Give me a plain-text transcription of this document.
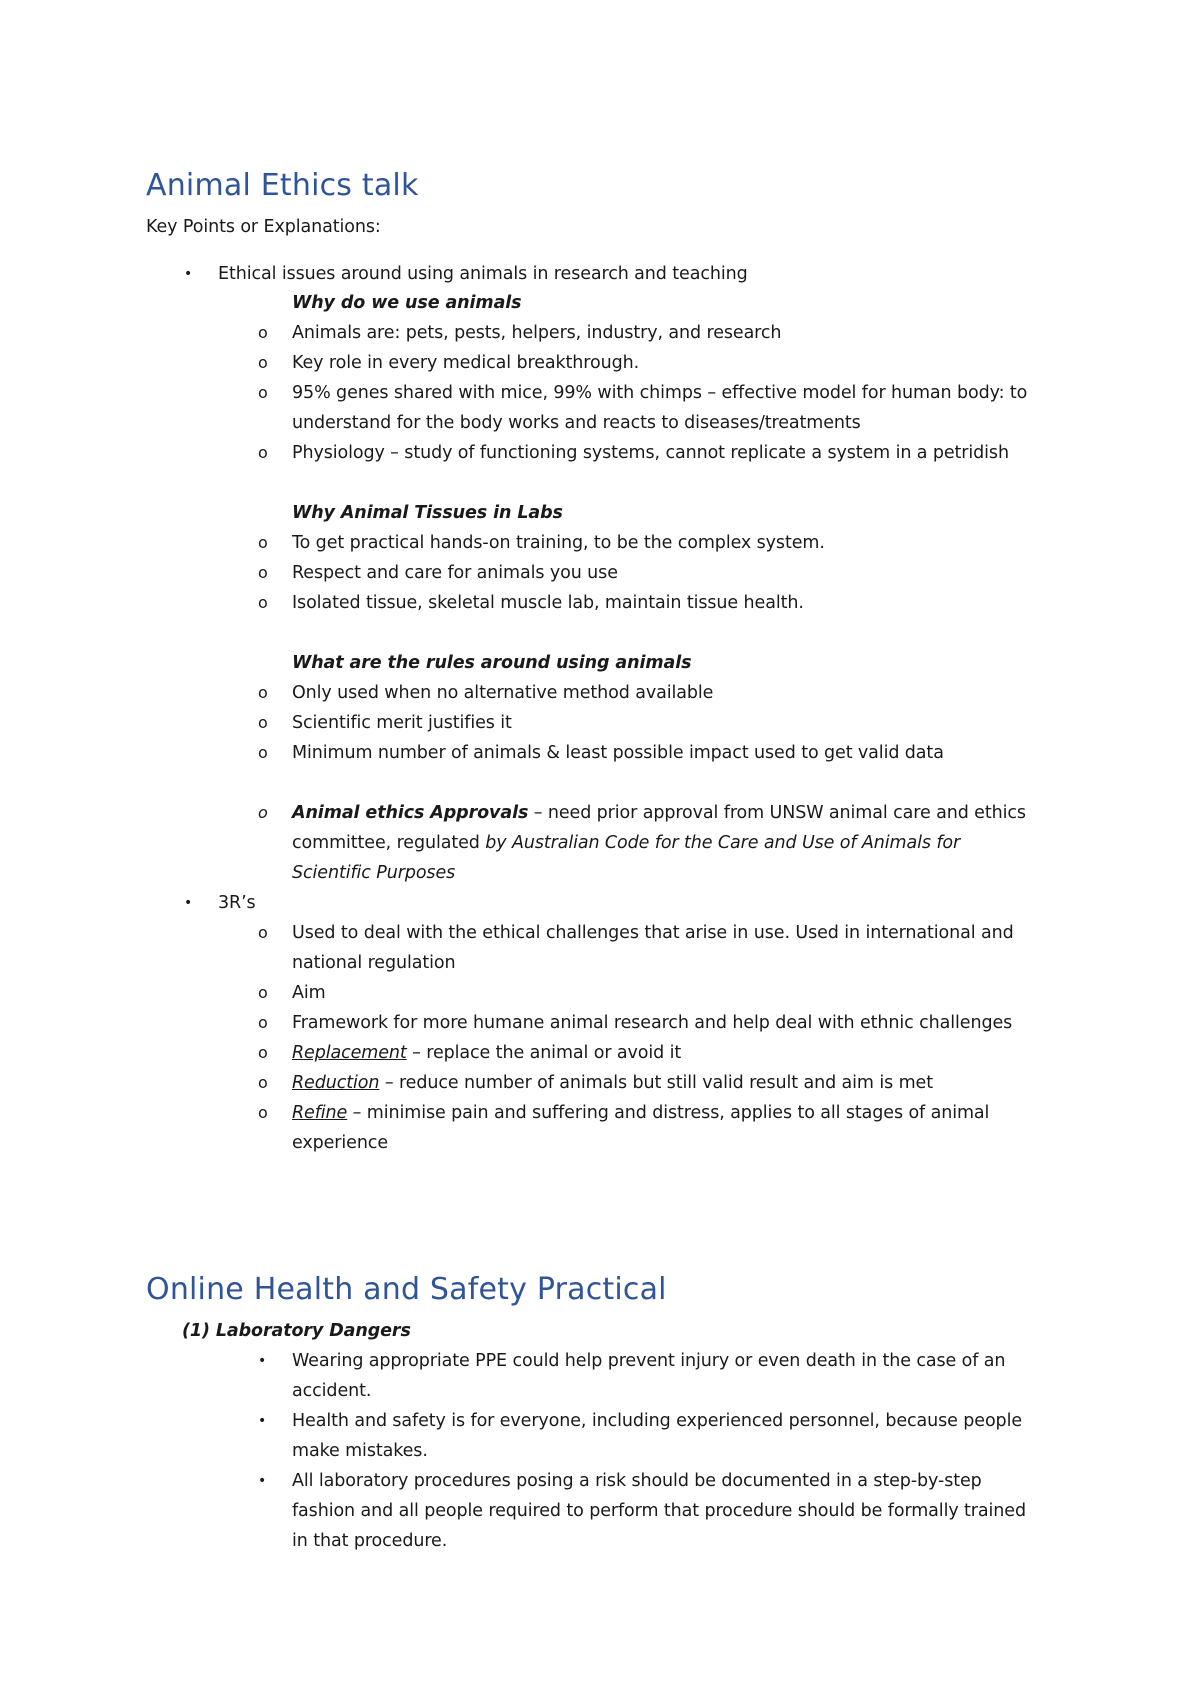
Animal Ethics talk
Key Points or Explanations:
• Ethical issues around using animals in research and teaching
Why do we use animals
o Animals are: pets, pests, helpers, industry, and research
o Key role in every medical breakthrough.
o 95% genes shared with mice, 99% with chimps – effective model for human body: to
understand for the body works and reacts to diseases/treatments
o Physiology – study of functioning systems, cannot replicate a system in a petridish
Why Animal Tissues in Labs
o To get practical hands-on training, to be the complex system.
o Respect and care for animals you use
o Isolated tissue, skeletal muscle lab, maintain tissue health.
What are the rules around using animals
o Only used when no alternative method available
o Scientific merit justifies it
o Minimum number of animals & least possible impact used to get valid data
o Animal ethics Approvals – need prior approval from UNSW animal care and ethics
committee, regulated by Australian Code for the Care and Use of Animals for
Scientific Purposes
• 3R’s
o Used to deal with the ethical challenges that arise in use. Used in international and
national regulation
o Aim
o Framework for more humane animal research and help deal with ethnic challenges
o Replacement – replace the animal or avoid it
o Reduction – reduce number of animals but still valid result and aim is met
o Refine – minimise pain and suffering and distress, applies to all stages of animal
experience
Online Health and Safety Practical
(1) Laboratory Dangers
• Wearing appropriate PPE could help prevent injury or even death in the case of an
accident.
• Health and safety is for everyone, including experienced personnel, because people
make mistakes.
• All laboratory procedures posing a risk should be documented in a step-by-step
fashion and all people required to perform that procedure should be formally trained
in that procedure.
